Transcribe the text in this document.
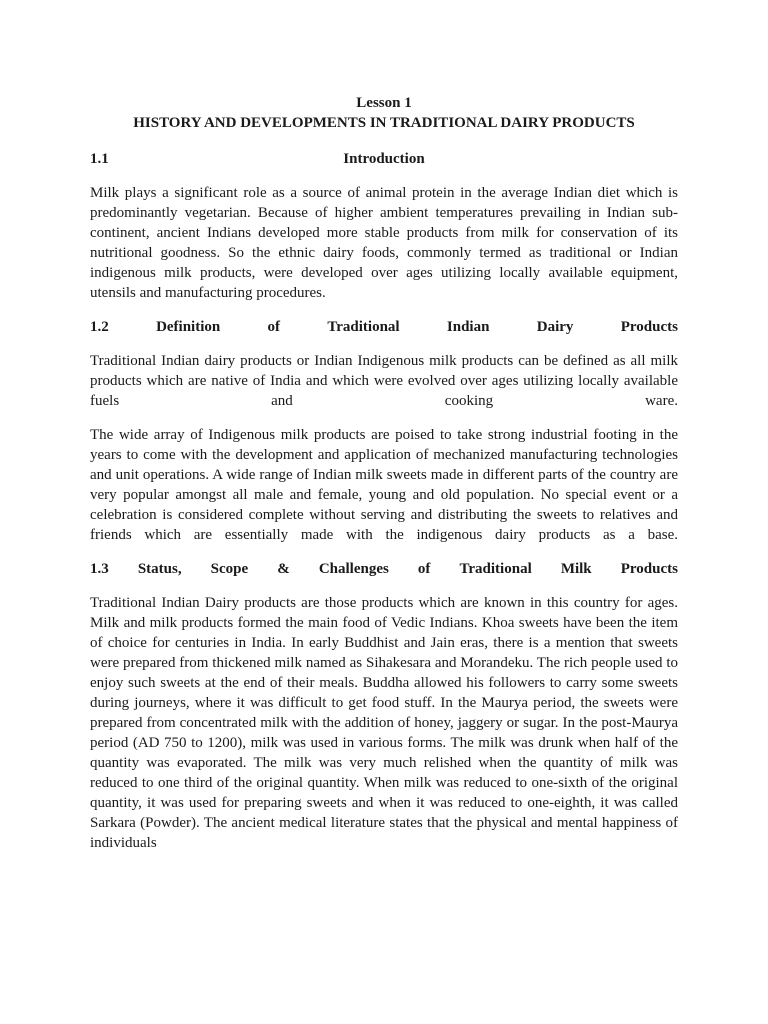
Lesson 1

HISTORY AND DEVELOPMENTS IN TRADITIONAL DAIRY PRODUCTS

1.1	Introduction

Milk plays a significant role as a source of animal protein in the average Indian diet which is predominantly vegetarian. Because of higher ambient temperatures prevailing in Indian sub-continent, ancient Indians developed more stable products from milk for conservation of its nutritional goodness. So the ethnic dairy foods, commonly termed as traditional or Indian indigenous milk products, were developed over ages utilizing locally available equipment, utensils and manufacturing procedures.

1.2	Definition	of	Traditional	Indian	Dairy	Products

Traditional Indian dairy products or Indian Indigenous milk products can be defined as all milk products which are native of India and which were evolved over ages utilizing locally available fuels and cooking ware.

The wide array of Indigenous milk products are poised to take strong industrial footing in the years to come with the development and application of mechanized manufacturing technologies and unit operations. A wide range of Indian milk sweets made in different parts of the country are very popular amongst all male and female, young and old population. No special event or a celebration is considered complete without serving and distributing the sweets to relatives and friends which are essentially made with the indigenous dairy products as a base.

1.3 Status, Scope & Challenges of Traditional Milk Products

Traditional Indian Dairy products are those products which are known in this country for ages. Milk and milk products formed the main food of Vedic Indians. Khoa sweets have been the item of choice for centuries in India. In early Buddhist and Jain eras, there is a mention that sweets were prepared from thickened milk named as Sihakesara and Morandeku. The rich people used to enjoy such sweets at the end of their meals. Buddha allowed his followers to carry some sweets during journeys, where it was difficult to get food stuff. In the Maurya period, the sweets were prepared from concentrated milk with the addition of honey, jaggery or sugar. In the post-Maurya period (AD 750 to 1200), milk was used in various forms. The milk was drunk when half of the quantity was evaporated. The milk was very much relished when the quantity of milk was reduced to one third of the original quantity. When milk was reduced to one-sixth of the original quantity, it was used for preparing sweets and when it was reduced to one-eighth, it was called Sarkara (Powder). The ancient medical literature states that the physical and mental happiness of individuals
